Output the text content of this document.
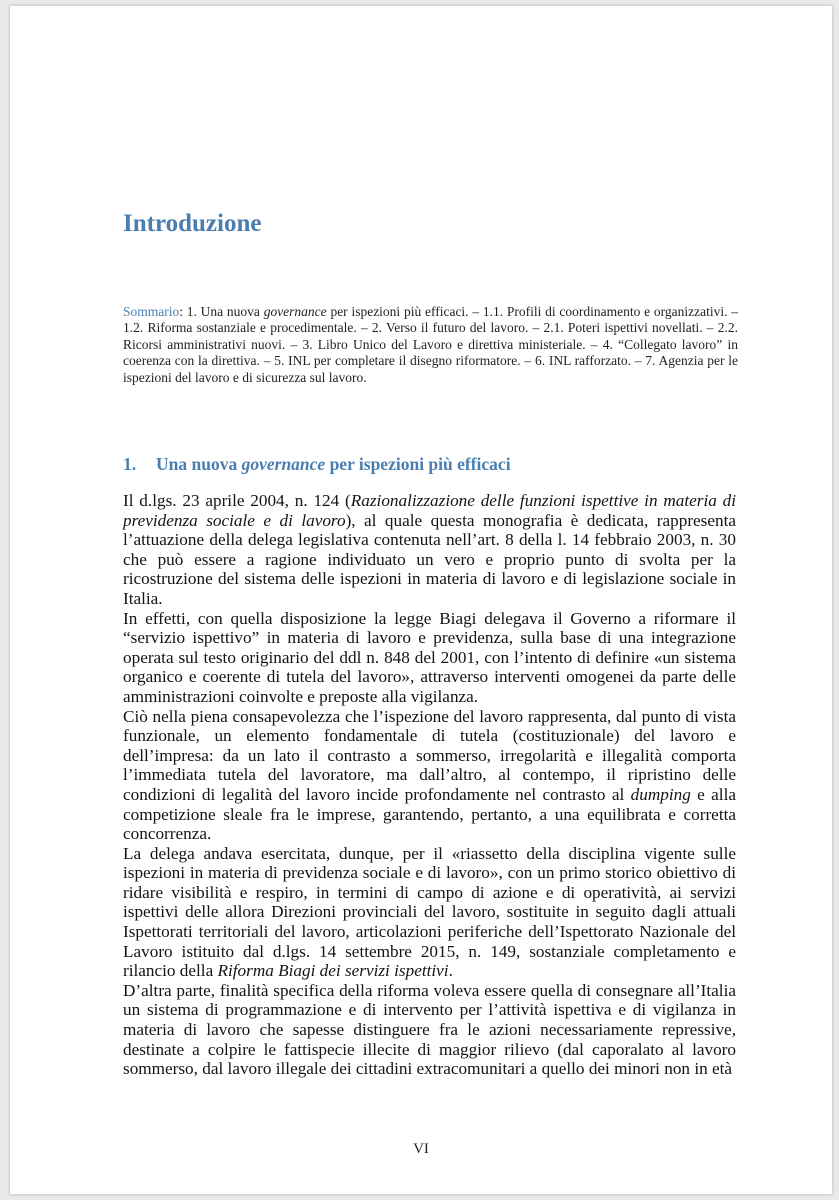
Introduzione

Sommario: 1. Una nuova governance per ispezioni più efficaci. – 1.1. Profili di coordinamento e organizzativi. – 1.2. Riforma sostanziale e procedimentale. – 2. Verso il futuro del lavoro. – 2.1. Poteri ispettivi novellati. – 2.2. Ricorsi amministrativi nuovi. – 3. Libro Unico del Lavoro e direttiva ministeriale. – 4. “Collegato lavoro” in coerenza con la direttiva. – 5. INL per completare il disegno riformatore. – 6. INL rafforzato. – 7. Agenzia per le ispezioni del lavoro e di sicurezza sul lavoro.

1. Una nuova governance per ispezioni più efficaci

Il d.lgs. 23 aprile 2004, n. 124 (Razionalizzazione delle funzioni ispettive in materia di previdenza sociale e di lavoro), al quale questa monografia è dedicata, rappresenta l’attuazione della delega legislativa contenuta nell’art. 8 della l. 14 febbraio 2003, n. 30 che può essere a ragione individuato un vero e proprio punto di svolta per la ricostruzione del sistema delle ispezioni in materia di lavoro e di legislazione sociale in Italia.

In effetti, con quella disposizione la legge Biagi delegava il Governo a riformare il “servizio ispettivo” in materia di lavoro e previdenza, sulla base di una integrazione operata sul testo originario del ddl n. 848 del 2001, con l’intento di definire «un sistema organico e coerente di tutela del lavoro», attraverso interventi omogenei da parte delle amministrazioni coinvolte e preposte alla vigilanza.

Ciò nella piena consapevolezza che l’ispezione del lavoro rappresenta, dal punto di vista funzionale, un elemento fondamentale di tutela (costituzionale) del lavoro e dell’impresa: da un lato il contrasto a sommerso, irregolarità e illegalità comporta l’immediata tutela del lavoratore, ma dall’altro, al contempo, il ripristino delle condizioni di legalità del lavoro incide profondamente nel contrasto al dumping e alla competizione sleale fra le imprese, garantendo, pertanto, a una equilibrata e corretta concorrenza.

La delega andava esercitata, dunque, per il «riassetto della disciplina vigente sulle ispezioni in materia di previdenza sociale e di lavoro», con un primo storico obiettivo di ridare visibilità e respiro, in termini di campo di azione e di operatività, ai servizi ispettivi delle allora Direzioni provinciali del lavoro, sostituite in seguito dagli attuali Ispettorati territoriali del lavoro, articolazioni periferiche dell’Ispettorato Nazionale del Lavoro istituito dal d.lgs. 14 settembre 2015, n. 149, sostanziale completamento e rilancio della Riforma Biagi dei servizi ispettivi.

D’altra parte, finalità specifica della riforma voleva essere quella di consegnare all’Italia un sistema di programmazione e di intervento per l’attività ispettiva e di vigilanza in materia di lavoro che sapesse distinguere fra le azioni necessariamente repressive, destinate a colpire le fattispecie illecite di maggior rilievo (dal caporalato al lavoro sommerso, dal lavoro illegale dei cittadini extracomunitari a quello dei minori non in età

VI
